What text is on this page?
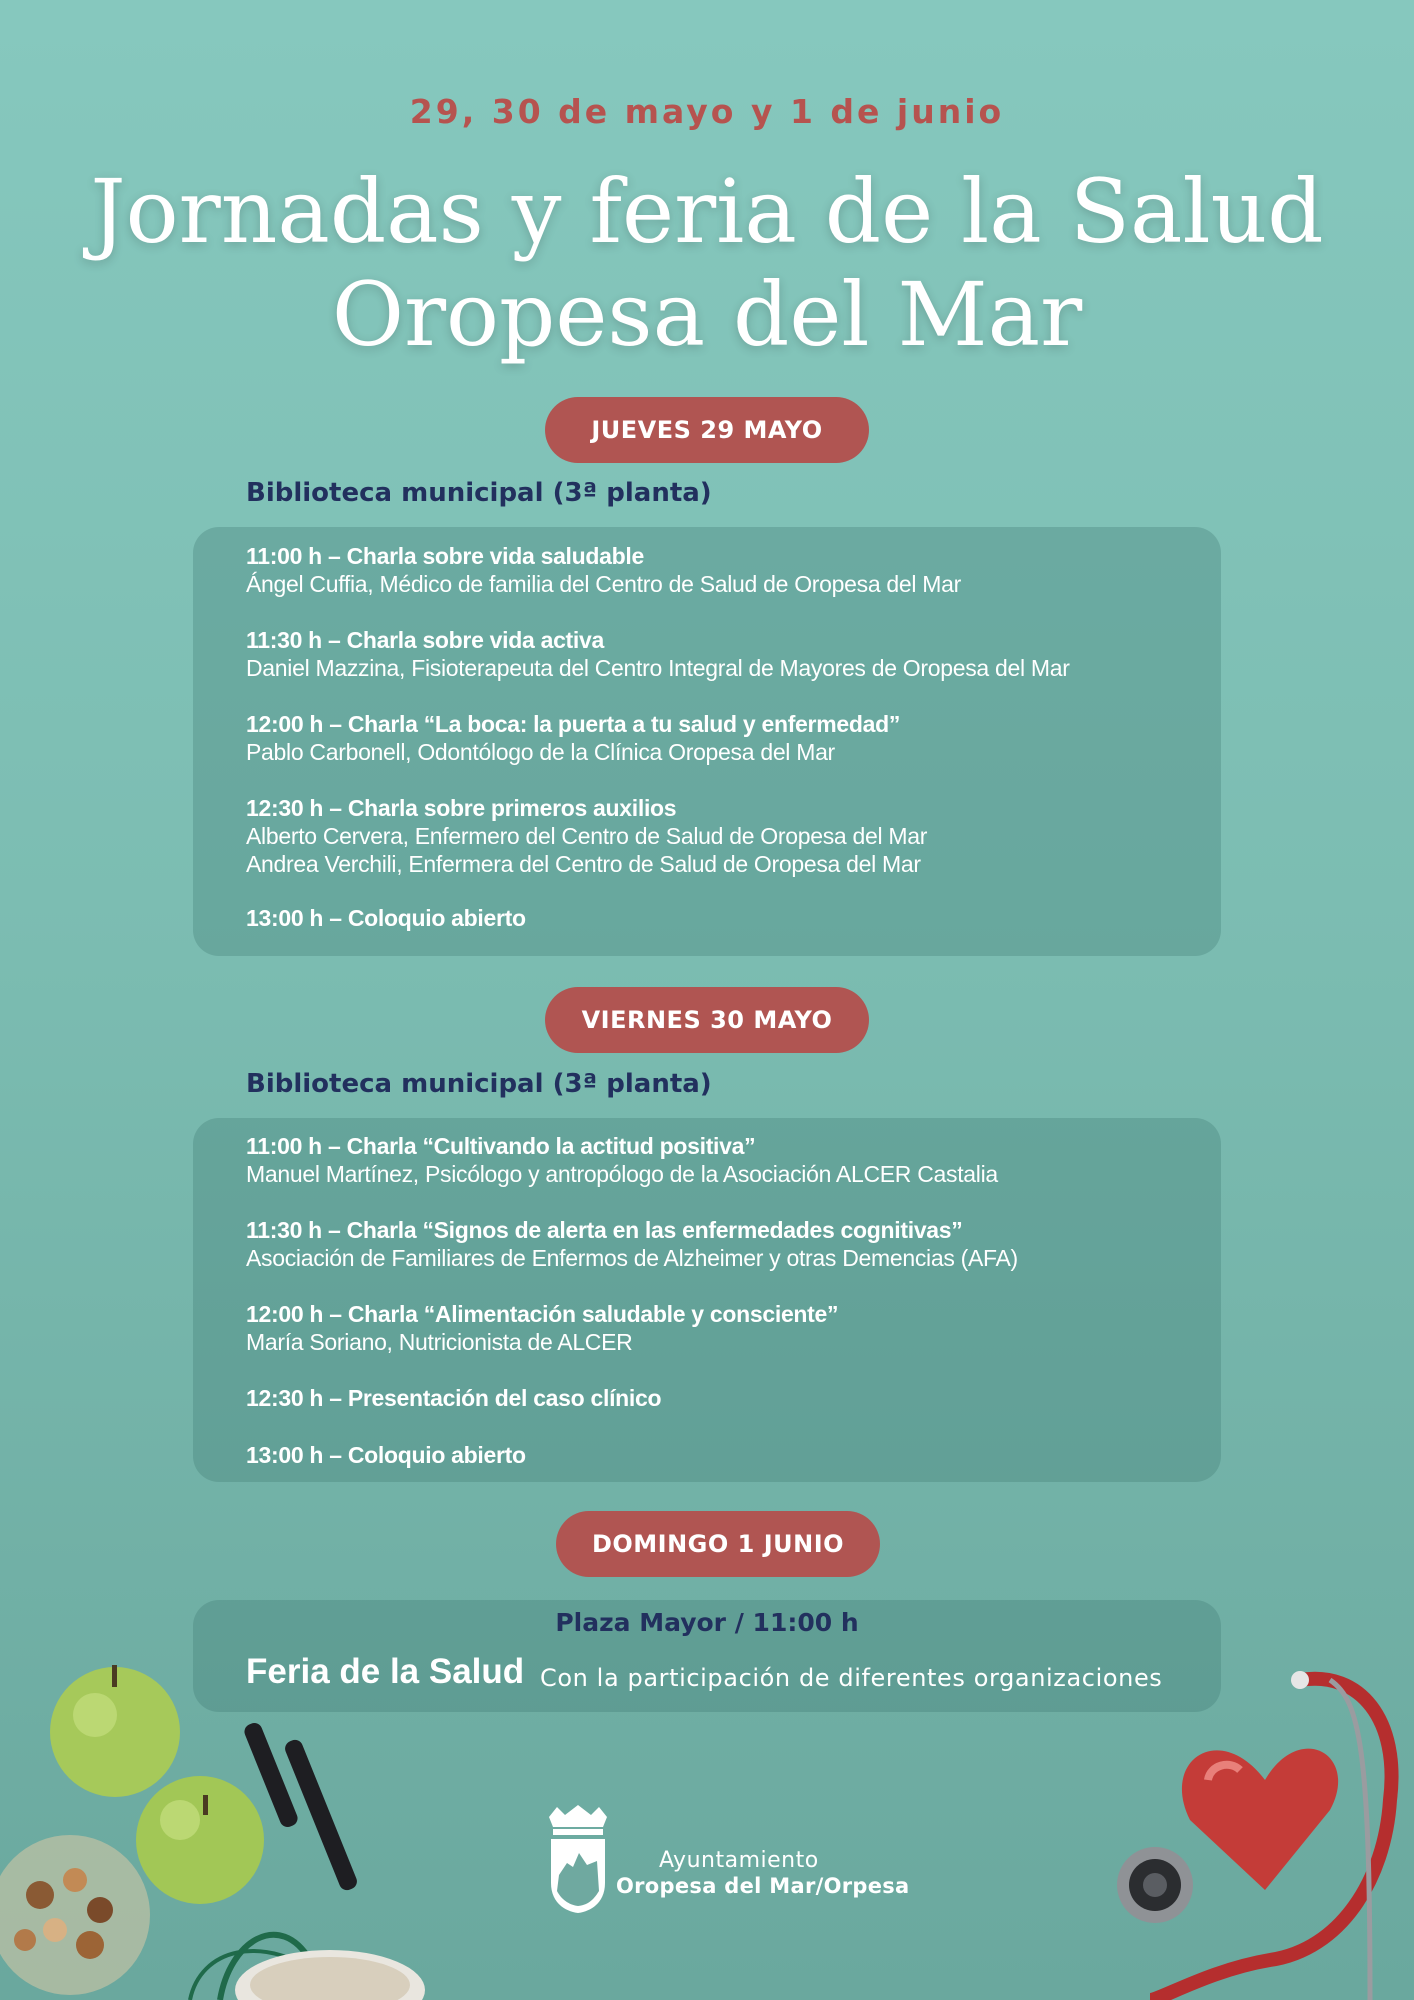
29, 30 de mayo y 1 de junio
Jornadas y feria de la Salud
Oropesa del Mar
JUEVES 29 MAYO
Biblioteca municipal (3ª planta)
11:00 h – Charla sobre vida saludable
Ángel Cuffia, Médico de familia del Centro de Salud de Oropesa del Mar
11:30 h – Charla sobre vida activa
Daniel Mazzina, Fisioterapeuta del Centro Integral de Mayores de Oropesa del Mar
12:00 h – Charla “La boca: la puerta a tu salud y enfermedad”
Pablo Carbonell, Odontólogo de la Clínica Oropesa del Mar
12:30 h – Charla sobre primeros auxilios
Alberto Cervera, Enfermero del Centro de Salud de Oropesa del Mar
Andrea Verchili, Enfermera del Centro de Salud de Oropesa del Mar
13:00 h – Coloquio abierto
VIERNES 30 MAYO
Biblioteca municipal (3ª planta)
11:00 h – Charla “Cultivando la actitud positiva”
Manuel Martínez, Psicólogo y antropólogo de la Asociación ALCER Castalia
11:30 h – Charla “Signos de alerta en las enfermedades cognitivas”
Asociación de Familiares de Enfermos de Alzheimer y otras Demencias (AFA)
12:00 h – Charla “Alimentación saludable y consciente”
María Soriano, Nutricionista de ALCER
12:30 h – Presentación del caso clínico
13:00 h – Coloquio abierto
DOMINGO 1 JUNIO
Plaza Mayor / 11:00 h
Feria de la Salud Con la participación de diferentes organizaciones
Ayuntamiento
Oropesa del Mar/Orpesa
